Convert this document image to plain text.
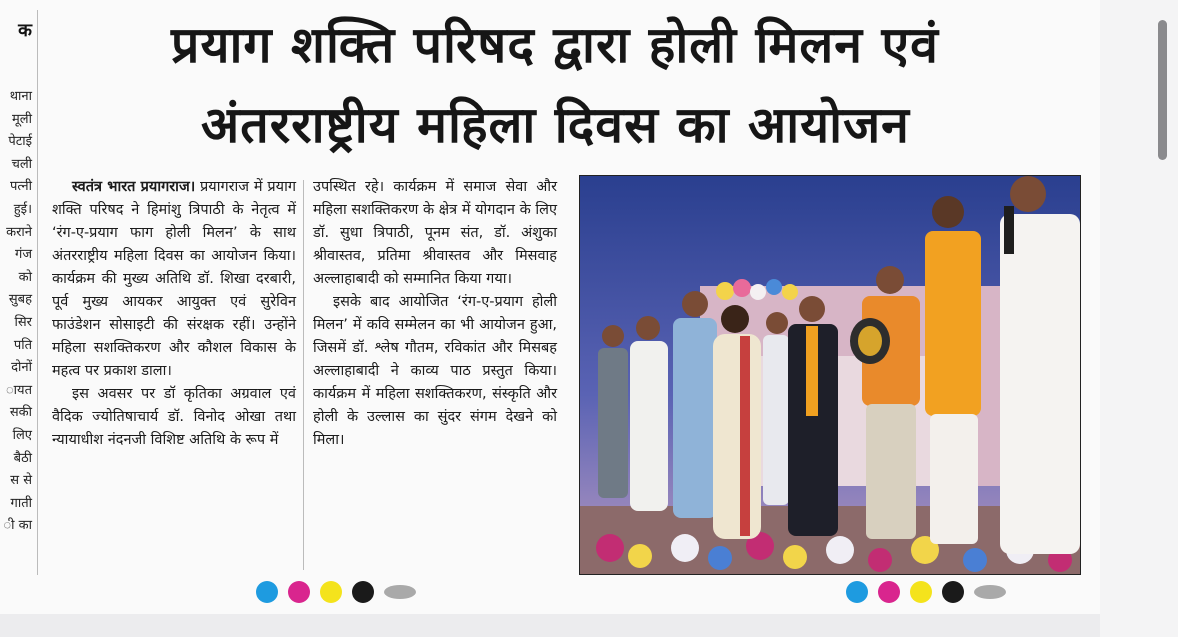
क
थाना
मूली
पेटाई
चली
पत्नी
हुई।
कराने
गंज
को
सुबह
सिर
पति
दोनों
ायत
सकी
लिए
बैठी
स से
गाती
ी का
प्रयाग शक्ति परिषद द्वारा होली मिलन एवं
अंतरराष्ट्रीय महिला दिवस का आयोजन

स्वतंत्र भारत प्रयागराज। प्रयागराज में प्रयाग शक्ति परिषद ने हिमांशु त्रिपाठी के नेतृत्व में ‘रंग-ए-प्रयाग फाग होली मिलन’ के साथ अंतरराष्ट्रीय महिला दिवस का आयोजन किया। कार्यक्रम की मुख्य अतिथि डॉ. शिखा दरबारी, पूर्व मुख्य आयकर आयुक्त एवं सुरेविन फाउंडेशन सोसाइटी की संरक्षक रहीं। उन्होंने महिला सशक्तिकरण और कौशल विकास के महत्व पर प्रकाश डाला।

इस अवसर पर डॉ कृतिका अग्रवाल एवं वैदिक ज्योतिषाचार्य डॉ. विनोद ओखा तथा न्यायाधीश नंदनजी विशिष्ट अतिथि के रूप में

उपस्थित रहे। कार्यक्रम में समाज सेवा और महिला सशक्तिकरण के क्षेत्र में योगदान के लिए डॉ. सुधा त्रिपाठी, पूनम संत, डॉ. अंशुका श्रीवास्तव, प्रतिमा श्रीवास्तव और मिसवाह अल्लाहाबादी को सम्मानित किया गया।

इसके बाद आयोजित ‘रंग-ए-प्रयाग होली मिलन’ में कवि सम्मेलन का भी आयोजन हुआ, जिसमें डॉ. श्लेष गौतम, रविकांत और मिसबह अल्लाहाबादी ने काव्य पाठ प्रस्तुत किया। कार्यक्रम में महिला सशक्तिकरण, संस्कृति और होली के उल्लास का सुंदर संगम देखने को मिला।
